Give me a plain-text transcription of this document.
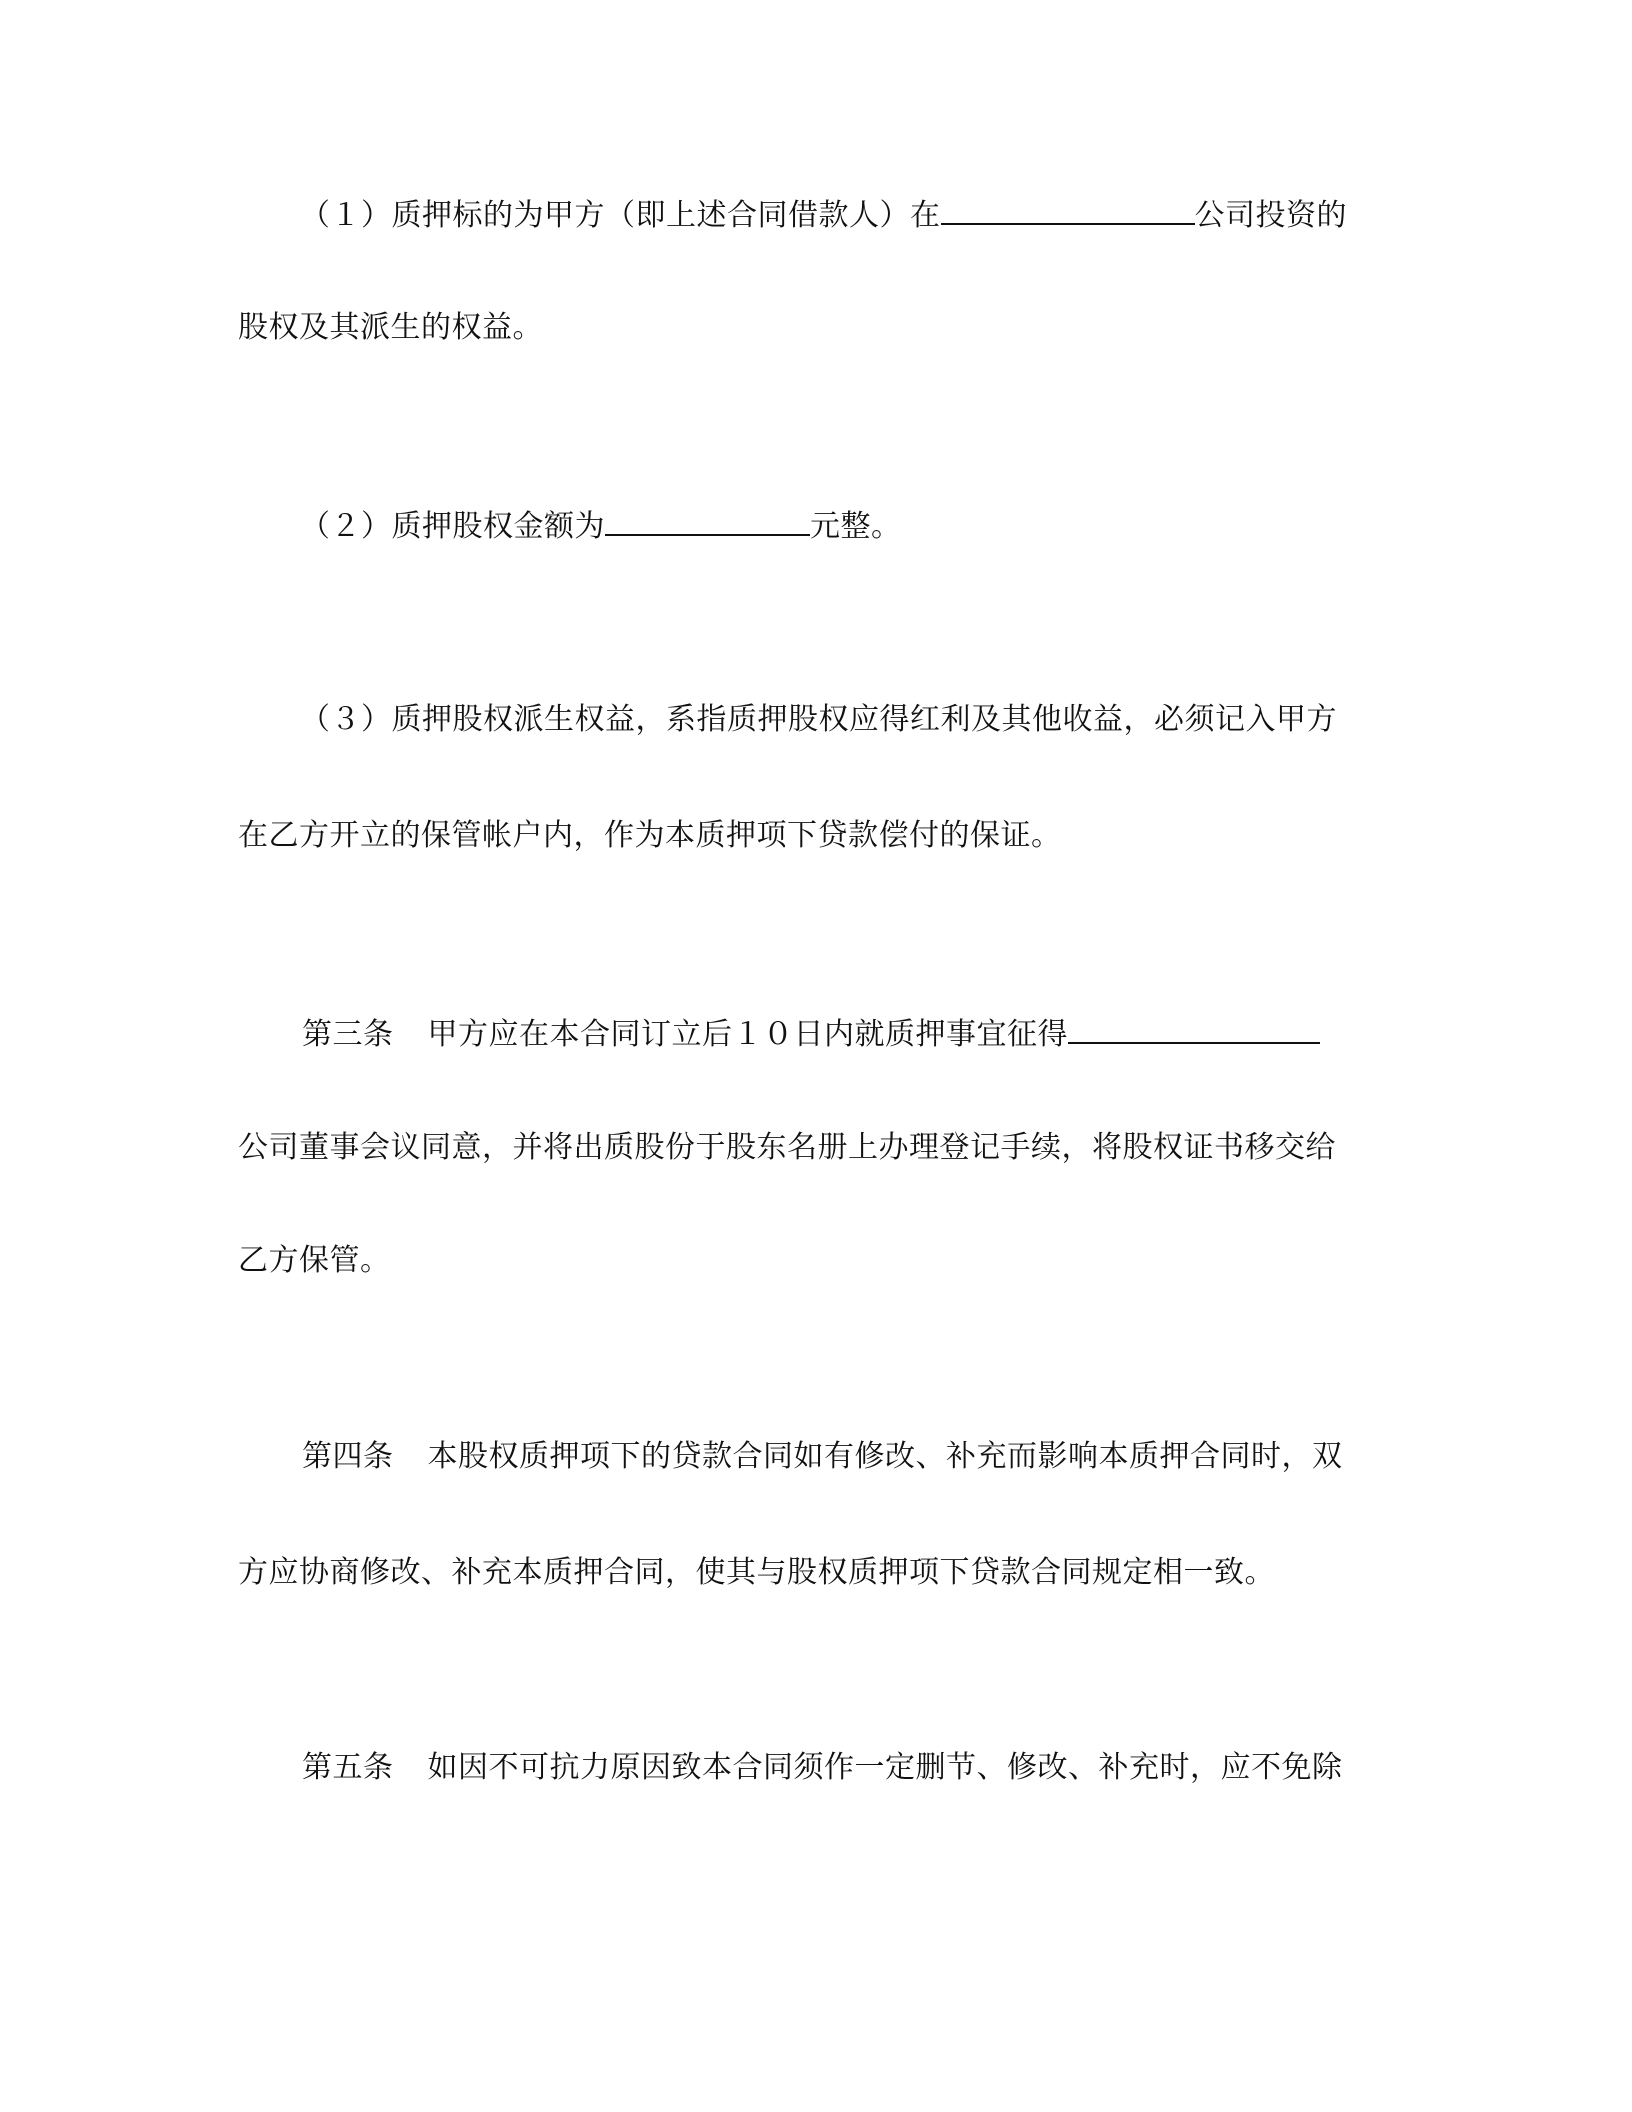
（１）质押标的为甲方（即上述合同借款人）在	公司投资的
股权及其派生的权益。
（２）质押股权金额为	元整。
（３）质押股权派生权益，系指质押股权应得红利及其他收益，必须记入甲方
在乙方开立的保管帐户内，作为本质押项下贷款偿付的保证。
第三条 甲方应在本合同订立后１０日内就质押事宜征得
公司董事会议同意，并将出质股份于股东名册上办理登记手续，将股权证书移交给
乙方保管。
第四条 本股权质押项下的贷款合同如有修改、补充而影响本质押合同时，双
方应协商修改、补充本质押合同，使其与股权质押项下贷款合同规定相一致。
第五条 如因不可抗力原因致本合同须作一定删节、修改、补充时，应不免除
